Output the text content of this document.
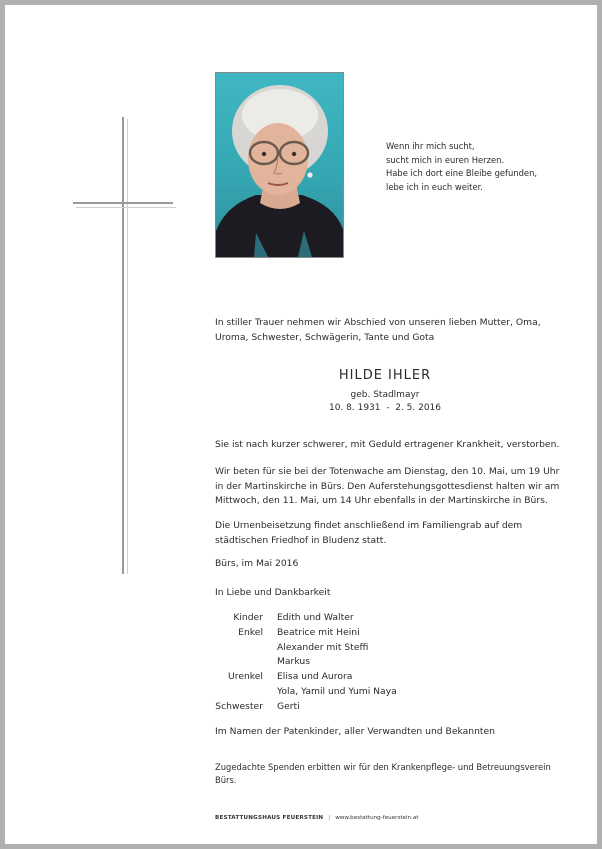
Wenn ihr mich sucht,
sucht mich in euren Herzen.
Habe ich dort eine Bleibe gefunden,
lebe ich in euch weiter.
In stiller Trauer nehmen wir Abschied von unseren lieben Mutter, Oma, Uroma, Schwester, Schwägerin, Tante und Gota
HILDE IHLER
geb. Stadlmayr
10. 8. 1931  -  2. 5. 2016
Sie ist nach kurzer schwerer, mit Geduld ertragener Krankheit, verstorben.
Wir beten für sie bei der Totenwache am Dienstag, den 10. Mai, um 19 Uhr in der Martinskirche in Bürs. Den Auferstehungsgottesdienst halten wir am Mittwoch, den 11. Mai, um 14 Uhr ebenfalls in der Martinskirche in Bürs.
Die Urnenbeisetzung findet anschließend im Familiengrab auf dem städtischen Friedhof in Bludenz statt.
Bürs, im Mai 2016
In Liebe und Dankbarkeit
Kinder	Edith und Walter
Enkel	Beatrice mit Heini
Alexander mit Steffi
Markus
Urenkel	Elisa und Aurora
Yola, Yamil und Yumi Naya
Schwester	Gerti
Im Namen der Patenkinder, aller Verwandten und Bekannten
Zugedachte Spenden erbitten wir für den Krankenpflege- und Betreuungsverein Bürs.
BESTATTUNGSHAUS FEUERSTEIN | www.bestattung-feuerstein.at
